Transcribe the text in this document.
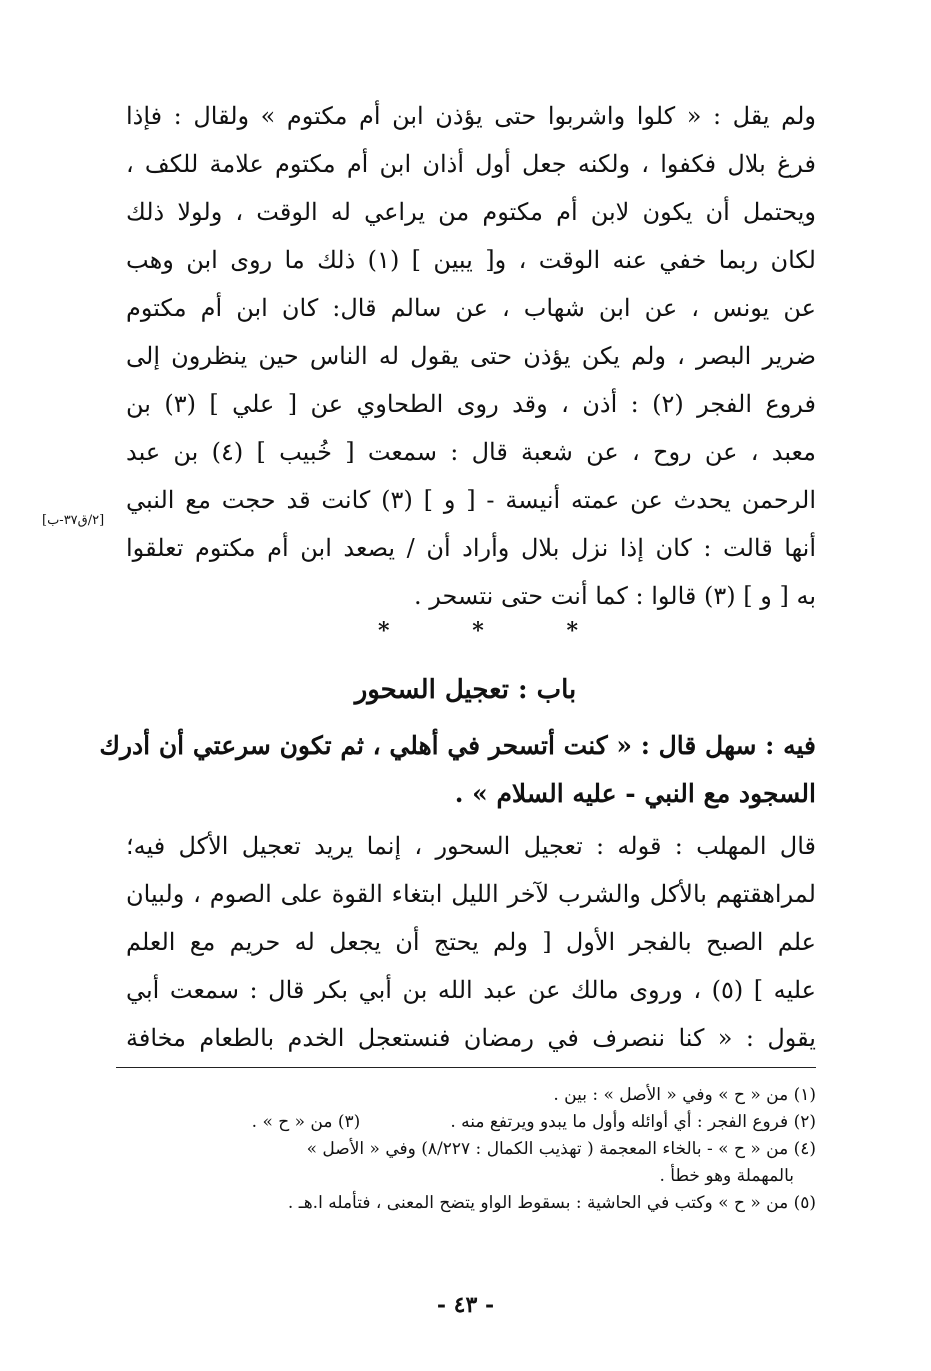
ولم يقل : « كلوا واشربوا حتى يؤذن ابن أم مكتوم » ولقال : فإذا
فرغ بلال فكفوا ، ولكنه جعل أول أذان ابن أم مكتوم علامة للكف ،
ويحتمل أن يكون لابن أم مكتوم من يراعي له الوقت ، ولولا ذلك
لكان ربما خفي عنه الوقت ، و[ يبين ] (١) ذلك ما روى ابن وهب
عن يونس ، عن ابن شهاب ، عن سالم قال: كان ابن أم مكتوم
ضرير البصر ، ولم يكن يؤذن حتى يقول له الناس حين ينظرون إلى
فروع الفجر (٢) : أذن ، وقد روى الطحاوي عن [ علي ] (٣) بن
معبد ، عن روح ، عن شعبة قال : سمعت [ خُبيب ] (٤) بن عبد
الرحمن يحدث عن عمته أنيسة - [ و ] (٣) كانت قد حجت مع النبي
أنها قالت : كان إذا نزل بلال وأراد أن / يصعد ابن أم مكتوم تعلقوا
به [ و ] (٣) قالوا : كما أنت حتى نتسحر .
[٢/ق٣٧-ب]
*	*	*
باب : تعجيل السحور
فيه : سهل قال : « كنت أتسحر في أهلي ، ثم تكون سرعتي أن أدرك
السجود مع النبي - عليه السلام » .
قال المهلب : قوله : تعجيل السحور ، إنما يريد تعجيل الأكل فيه؛
لمراهقتهم بالأكل والشرب لآخر الليل ابتغاء القوة على الصوم ، ولبيان
علم الصبح بالفجر الأول [ ولم يحتج أن يجعل له حريم مع العلم
عليه ] (٥) ، وروى مالك عن عبد الله بن أبي بكر قال : سمعت أبي
يقول : « كنا ننصرف في رمضان فنستعجل الخدم بالطعام مخافة
(١) من « ح » وفي « الأصل » : بين .
(٢) فروع الفجر : أي أوائله وأول ما يبدو ويرتفع منه .(٣) من « ح » .
(٤) من « ح » - بالخاء المعجمة ( تهذيب الكمال : ٨/٢٢٧) وفي « الأصل »
بالمهملة وهو خطأ .
(٥) من « ح » وكتب في الحاشية : بسقوط الواو يتضح المعنى ، فتأمله ا.هـ .
- ٤٣ -
